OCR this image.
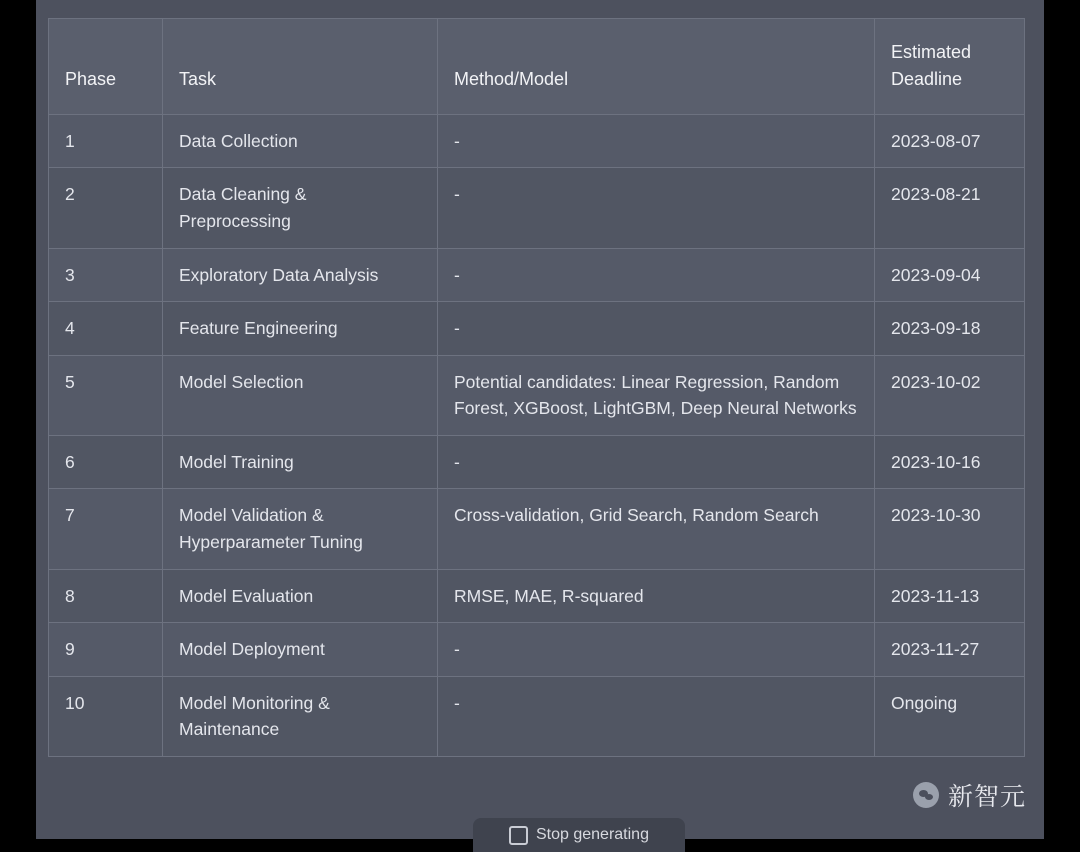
Phase	Task	Method/Model	Estimated Deadline
1	Data Collection	-	2023-08-07
2	Data Cleaning & Preprocessing	-	2023-08-21
3	Exploratory Data Analysis	-	2023-09-04
4	Feature Engineering	-	2023-09-18
5	Model Selection	Potential candidates: Linear Regression, Random Forest, XGBoost, LightGBM, Deep Neural Networks	2023-10-02
6	Model Training	-	2023-10-16
7	Model Validation & Hyperparameter Tuning	Cross-validation, Grid Search, Random Search	2023-10-30
8	Model Evaluation	RMSE, MAE, R-squared	2023-11-13
9	Model Deployment	-	2023-11-27
10	Model Monitoring & Maintenance	-	Ongoing
Stop generating
新智元
